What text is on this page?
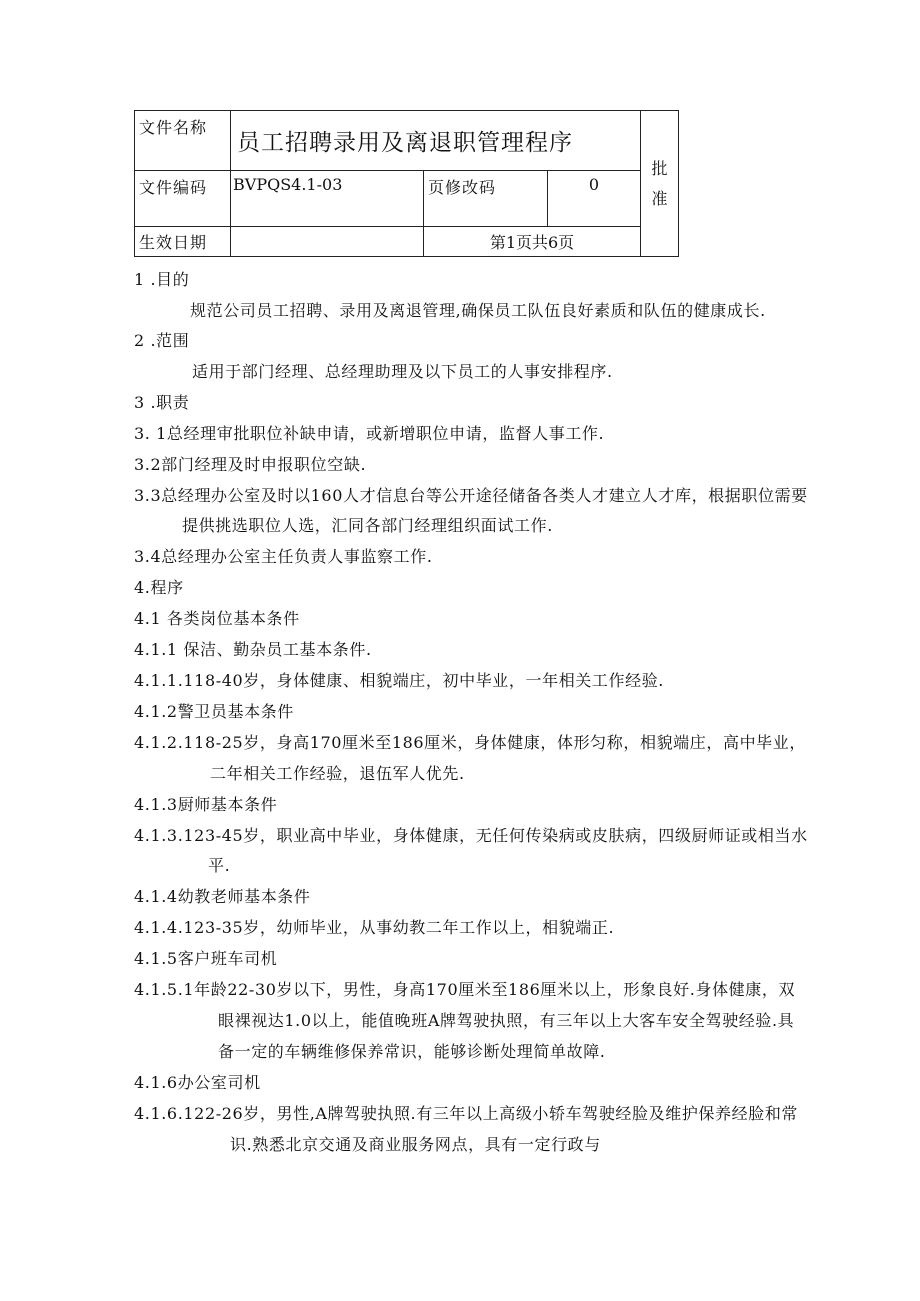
文件名称	员工招聘录用及离退职管理程序			批
准

文件编码	BVPQS4.1-03	页修改码	0	
生效日期		第1页共6页		
1 .目的
规范公司员工招聘、录用及离退管理,确保员工队伍良好素质和队伍的健康成长.
2 .范围
适用于部门经理、总经理助理及以下员工的人事安排程序.
3 .职责
3. 1总经理审批职位补缺申请，或新增职位申请，监督人事工作.
3.2部门经理及时申报职位空缺.
3.3总经理办公室及时以160人才信息台等公开途径储备各类人才建立人才库，根据职位需要
提供挑选职位人选，汇同各部门经理组织面试工作.
3.4总经理办公室主任负责人事监察工作.
4.程序
4.1 各类岗位基本条件
4.1.1 保洁、勤杂员工基本条件.
4.1.1.118-40岁，身体健康、相貌端庄，初中毕业，一年相关工作经验.
4.1.2警卫员基本条件
4.1.2.118-25岁，身高170厘米至186厘米，身体健康，体形匀称，相貌端庄，高中毕业，
二年相关工作经验，退伍军人优先.
4.1.3厨师基本条件
4.1.3.123-45岁，职业高中毕业，身体健康，无任何传染病或皮肤病，四级厨师证或相当水
平.
4.1.4幼教老师基本条件
4.1.4.123-35岁，幼师毕业，从事幼教二年工作以上，相貌端正.
4.1.5客户班车司机
4.1.5.1年龄22-30岁以下，男性，身高170厘米至186厘米以上，形象良好.身体健康，双
眼裸视达1.0以上，能值晚班A牌驾驶执照，有三年以上大客车安全驾驶经验.具
备一定的车辆维修保养常识，能够诊断处理简单故障.
4.1.6办公室司机
4.1.6.122-26岁，男性,A牌驾驶执照.有三年以上高级小轿车驾驶经脸及维护保养经脸和常
识.熟悉北京交通及商业服务网点，具有一定行政与
